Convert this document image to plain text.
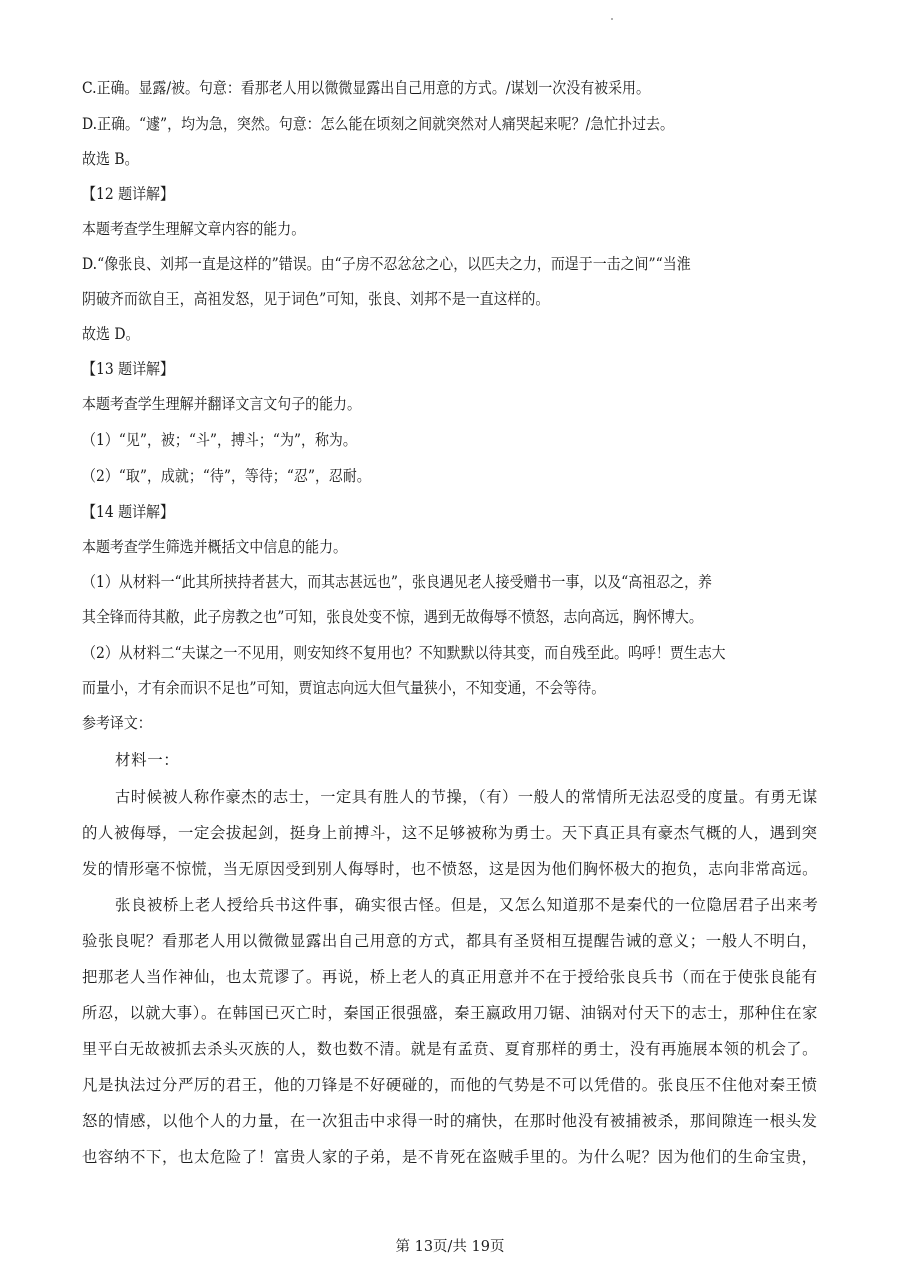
C.正确。显露/被。句意：看那老人用以微微显露出自己用意的方式。/谋划一次没有被采用。
D.正确。“遽”，均为急，突然。句意：怎么能在顷刻之间就突然对人痛哭起来呢？/急忙扑过去。
故选 B。
【12 题详解】
本题考查学生理解文章内容的能力。
D.“像张良、刘邦一直是这样的”错误。由“子房不忍忿忿之心，以匹夫之力，而逞于一击之间”“当淮
阴破齐而欲自王，高祖发怒，见于词色”可知，张良、刘邦不是一直这样的。
故选 D。
【13 题详解】
本题考查学生理解并翻译文言文句子的能力。
（1）“见”，被；“斗”，搏斗；“为”，称为。
（2）“取”，成就；“待”，等待；“忍”，忍耐。
【14 题详解】
本题考查学生筛选并概括文中信息的能力。
（1）从材料一“此其所挟持者甚大，而其志甚远也”，张良遇见老人接受赠书一事，以及“高祖忍之，养
其全锋而待其敝，此子房教之也”可知，张良处变不惊，遇到无故侮辱不愤怒，志向高远，胸怀博大。
（2）从材料二“夫谋之一不见用，则安知终不复用也？不知默默以待其变，而自残至此。呜呼！贾生志大
而量小，才有余而识不足也”可知，贾谊志向远大但气量狭小，不知变通，不会等待。
参考译文：
材料一：
古时候被人称作豪杰的志士，一定具有胜人的节操，（有）一般人的常情所无法忍受的度量。有勇无谋
的人被侮辱，一定会拔起剑，挺身上前搏斗，这不足够被称为勇士。天下真正具有豪杰气概的人，遇到突
发的情形毫不惊慌，当无原因受到别人侮辱时，也不愤怒，这是因为他们胸怀极大的抱负，志向非常高远。
张良被桥上老人授给兵书这件事，确实很古怪。但是，又怎么知道那不是秦代的一位隐居君子出来考
验张良呢？看那老人用以微微显露出自己用意的方式，都具有圣贤相互提醒告诫的意义；一般人不明白，
把那老人当作神仙，也太荒谬了。再说，桥上老人的真正用意并不在于授给张良兵书（而在于使张良能有
所忍，以就大事）。在韩国已灭亡时，秦国正很强盛，秦王嬴政用刀锯、油锅对付天下的志士，那种住在家
里平白无故被抓去杀头灭族的人，数也数不清。就是有孟贲、夏育那样的勇士，没有再施展本领的机会了。
凡是执法过分严厉的君王，他的刀锋是不好硬碰的，而他的气势是不可以凭借的。张良压不住他对秦王愤
怒的情感，以他个人的力量，在一次狙击中求得一时的痛快，在那时他没有被捕被杀，那间隙连一根头发
也容纳不下，也太危险了！富贵人家的子弟，是不肯死在盗贼手里的。为什么呢？因为他们的生命宝贵，
第 13页/共 19页
